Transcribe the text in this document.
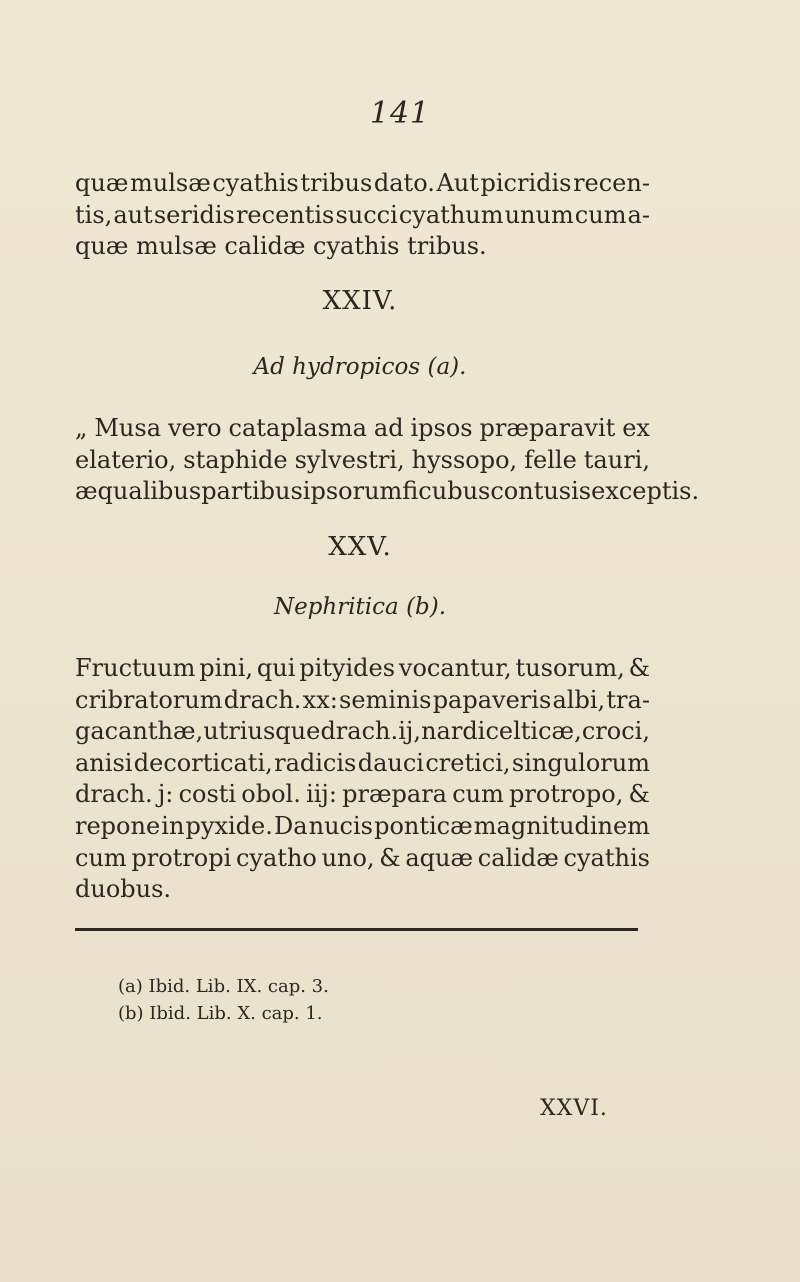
141
quæ mulsæ cyathis tribus dato. Aut picridis recen-
tis, aut seridis recentis succi cyathum unum cum a-
quæ mulsæ calidæ cyathis tribus.
XXIV.
Ad hydropicos (a).
„ Musa vero cataplasma ad ipsos præparavit ex
elaterio, staphide sylvestri, hyssopo, felle tauri,
æqualibus partibus ipsorum ficubus contusis exceptis.
XXV.
Nephritica (b).
Fructuum pini, qui pityides vocantur, tusorum, &
cribratorum drach. xx: seminis papaveris albi, tra-
gacanthæ, utriusque drach. ij, nardi celticæ, croci,
anisi decorticati, radicis dauci cretici, singulorum
drach. j: costi obol. iij: præpara cum protropo, &
repone in pyxide. Da nucis ponticæ magnitudinem
cum protropi cyatho uno, & aquæ calidæ cyathis
duobus.
(a) Ibid. Lib. IX. cap. 3.
(b) Ibid. Lib. X. cap. 1.
XXVI.
